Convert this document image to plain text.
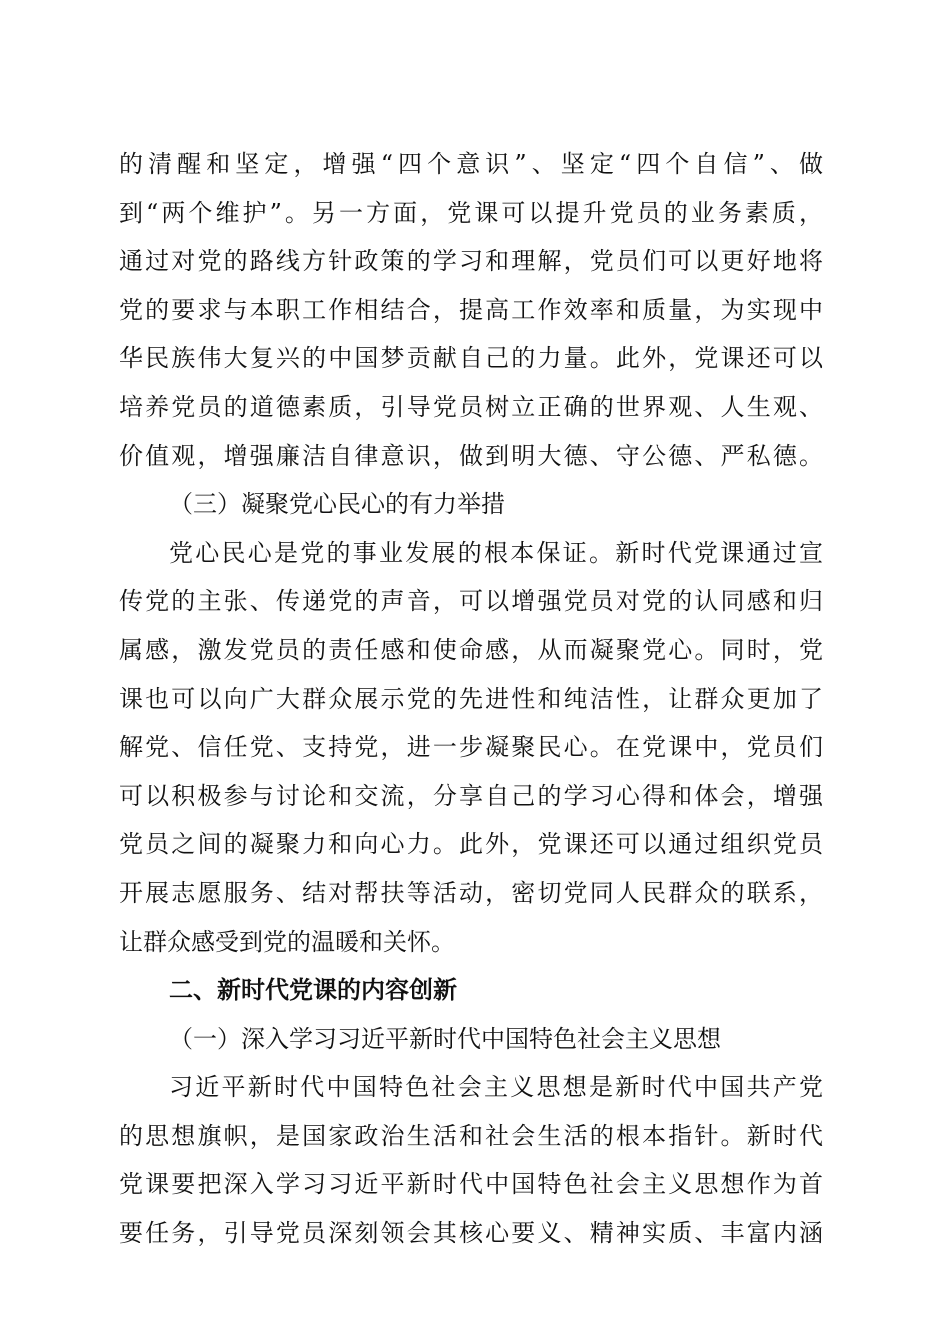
的清醒和坚定，增强“四个意识”、坚定“四个自信”、做
到“两个维护”。另一方面，党课可以提升党员的业务素质，
通过对党的路线方针政策的学习和理解，党员们可以更好地将
党的要求与本职工作相结合，提高工作效率和质量，为实现中
华民族伟大复兴的中国梦贡献自己的力量。此外，党课还可以
培养党员的道德素质，引导党员树立正确的世界观、人生观、
价值观，增强廉洁自律意识，做到明大德、守公德、严私德。
（三）凝聚党心民心的有力举措
党心民心是党的事业发展的根本保证。新时代党课通过宣
传党的主张、传递党的声音，可以增强党员对党的认同感和归
属感，激发党员的责任感和使命感，从而凝聚党心。同时，党
课也可以向广大群众展示党的先进性和纯洁性，让群众更加了
解党、信任党、支持党，进一步凝聚民心。在党课中，党员们
可以积极参与讨论和交流，分享自己的学习心得和体会，增强
党员之间的凝聚力和向心力。此外，党课还可以通过组织党员
开展志愿服务、结对帮扶等活动，密切党同人民群众的联系，
让群众感受到党的温暖和关怀。
二、新时代党课的内容创新
（一）深入学习习近平新时代中国特色社会主义思想
习近平新时代中国特色社会主义思想是新时代中国共产党
的思想旗帜，是国家政治生活和社会生活的根本指针。新时代
党课要把深入学习习近平新时代中国特色社会主义思想作为首
要任务，引导党员深刻领会其核心要义、精神实质、丰富内涵
